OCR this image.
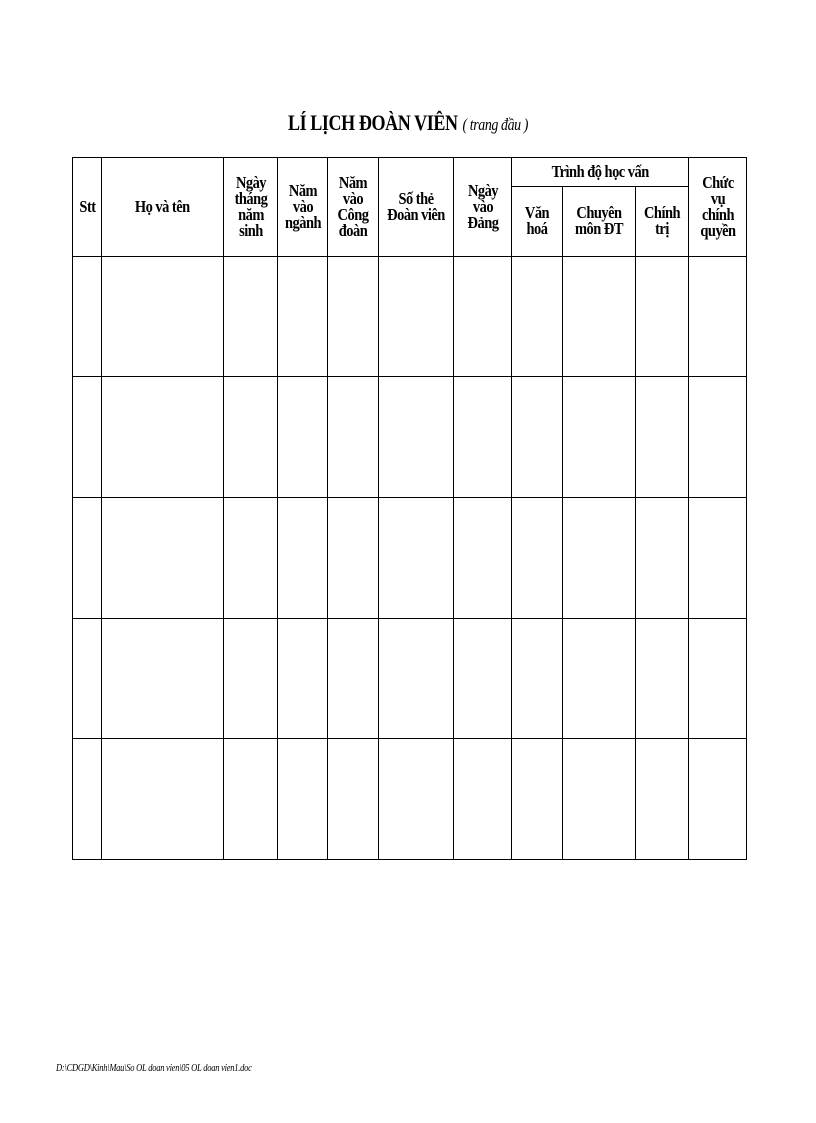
LÍ LỊCH ĐOÀN VIÊN ( trang đầu )
Stt	Họ và tên	Ngày tháng năm sinh	Năm vào ngành	Năm vào Công đoàn	Số thẻ Đoàn viên	Ngày vào Đảng	Trình độ học vấn			Chức vụ chính quyền
							Văn hoá	Chuyên môn ĐT	Chính trị	

D:\CDGD\Kinh\Mau\So OL doan vien\05 OL doan vien1.doc
